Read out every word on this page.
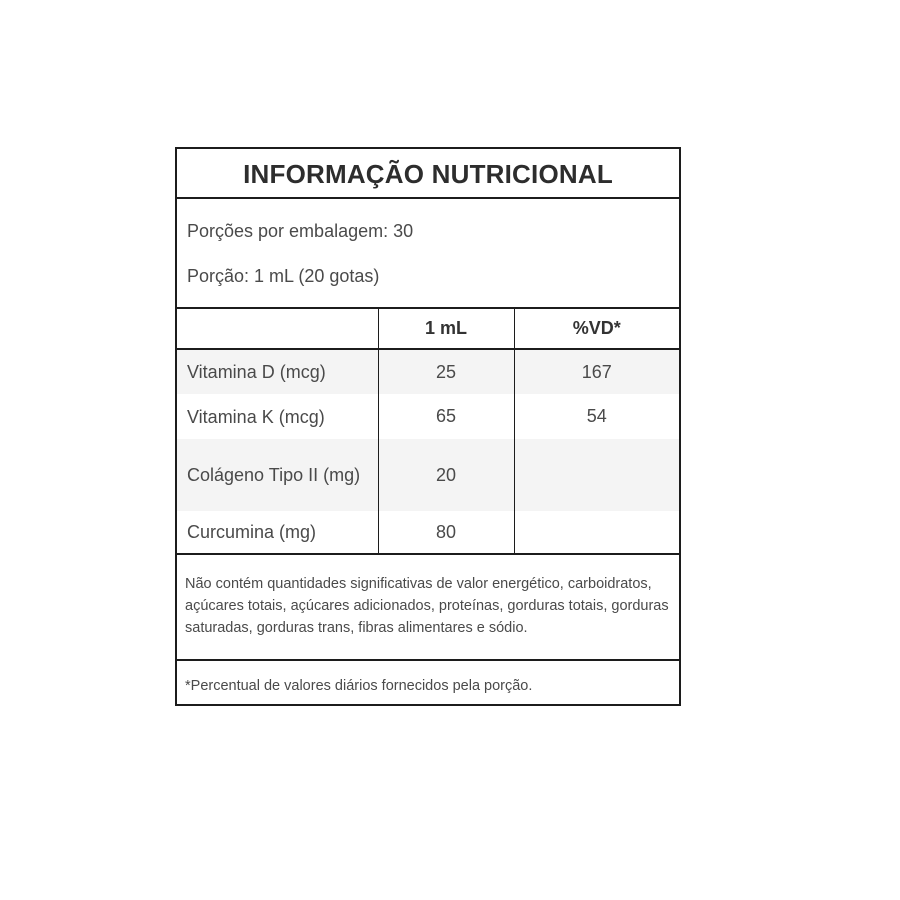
INFORMAÇÃO NUTRICIONAL
Porções por embalagem: 30
Porção: 1 mL (20 gotas)
	1 mL	%VD*
Vitamina D (mcg)	25	167
Vitamina K (mcg)	65	54
Colágeno Tipo II (mg)	20	
Curcumina (mg)	80	
Não contém quantidades significativas de valor energético, carboidratos, açúcares totais, açúcares adicionados, proteínas, gorduras totais, gorduras saturadas, gorduras trans, fibras alimentares e sódio.
*Percentual de valores diários fornecidos pela porção.
